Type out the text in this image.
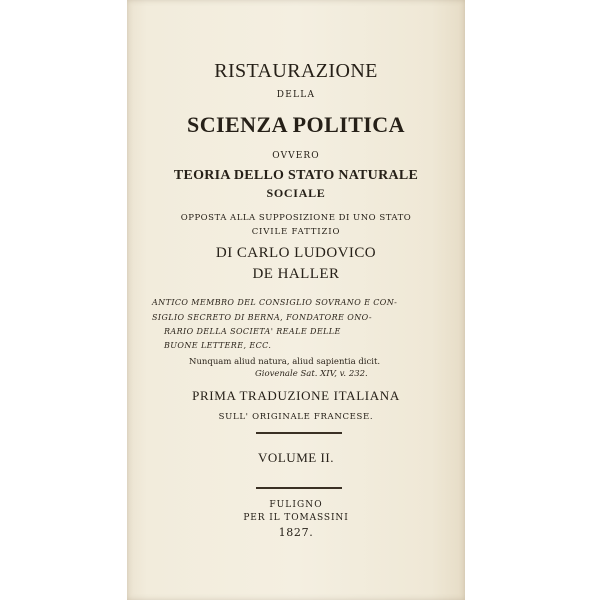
RISTAURAZIONE
DELLA
SCIENZA POLITICA
OVVERO
TEORIA DELLO STATO NATURALE
SOCIALE
OPPOSTA ALLA SUPPOSIZIONE DI UNO STATO
CIVILE FATTIZIO
DI CARLO LUDOVICO
DE HALLER
ANTICO MEMBRO DEL CONSIGLIO SOVRANO E CON-
SIGLIO SECRETO DI BERNA, FONDATORE ONO-
RARIO DELLA SOCIETA' REALE DELLE
BUONE LETTERE, ECC.
Nunquam aliud natura, aliud sapientia dicit.
Giovenale Sat. XIV, v. 232.
PRIMA TRADUZIONE ITALIANA
SULL' ORIGINALE FRANCESE.
VOLUME II.
FULIGNO
PER IL TOMASSINI
1827.
